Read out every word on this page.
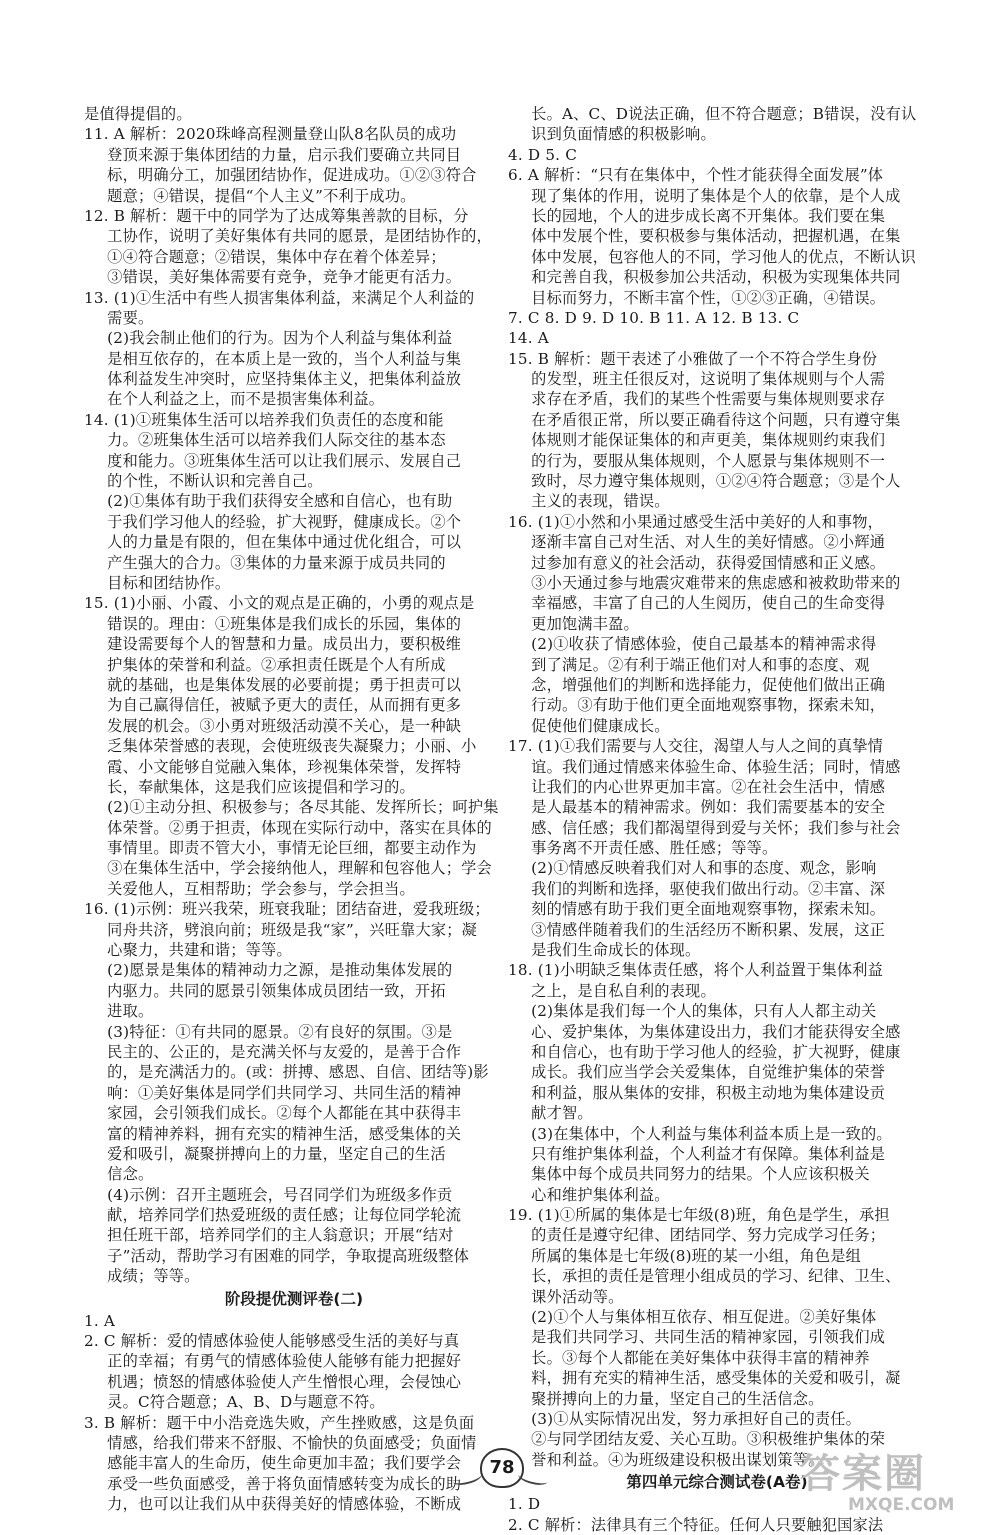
是值得提倡的。
11. A 解析：2020珠峰高程测量登山队8名队员的成功
　 登顶来源于集体团结的力量，启示我们要确立共同目
　 标，明确分工，加强团结协作，促进成功。①②③符合
　 题意；④错误，提倡“个人主义”不利于成功。
12. B 解析：题干中的同学为了达成筹集善款的目标，分
　 工协作，说明了美好集体有共同的愿景，是团结协作的，
　 ①④符合题意；②错误，集体中存在着个体差异；
　 ③错误，美好集体需要有竞争，竞争才能更有活力。
13. (1)①生活中有些人损害集体利益，来满足个人利益的
　 需要。
　 (2)我会制止他们的行为。因为个人利益与集体利益
　 是相互依存的，在本质上是一致的，当个人利益与集
　 体利益发生冲突时，应坚持集体主义，把集体利益放
　 在个人利益之上，而不是损害集体利益。
14. (1)①班集体生活可以培养我们负责任的态度和能
　 力。②班集体生活可以培养我们人际交往的基本态
　 度和能力。③班集体生活可以让我们展示、发展自己
　 的个性，不断认识和完善自己。
　 (2)①集体有助于我们获得安全感和自信心，也有助
　 于我们学习他人的经验，扩大视野，健康成长。②个
　 人的力量是有限的，但在集体中通过优化组合，可以
　 产生强大的合力。③集体的力量来源于成员共同的
　 目标和团结协作。
15. (1)小丽、小霞、小文的观点是正确的，小勇的观点是
　 错误的。理由：①班集体是我们成长的乐园，集体的
　 建设需要每个人的智慧和力量。成员出力，要积极维
　 护集体的荣誉和利益。②承担责任既是个人有所成
　 就的基础，也是集体发展的必要前提；勇于担责可以
　 为自己赢得信任，被赋予更大的责任，从而拥有更多
　 发展的机会。③小勇对班级活动漠不关心，是一种缺
　 乏集体荣誉感的表现，会使班级丧失凝聚力；小丽、小
　 霞、小文能够自觉融入集体，珍视集体荣誉，发挥特
　 长，奉献集体，这是我们应该提倡和学习的。
　 (2)①主动分担、积极参与；各尽其能、发挥所长；呵护集
　 体荣誉。②勇于担责，体现在实际行动中，落实在具体的
　 事情里。即责不管大小，事情无论巨细，都要主动作为
　 ③在集体生活中，学会接纳他人，理解和包容他人；学会
　 关爱他人，互相帮助；学会参与，学会担当。
16. (1)示例：班兴我荣，班衰我耻；团结奋进，爱我班级；
　 同舟共济，劈浪向前；班级是我“家”，兴旺靠大家；凝
　 心聚力，共建和谐；等等。
　 (2)愿景是集体的精神动力之源，是推动集体发展的
　 内驱力。共同的愿景引领集体成员团结一致，开拓
　 进取。
　 (3)特征：①有共同的愿景。②有良好的氛围。③是
　 民主的、公正的，是充满关怀与友爱的，是善于合作
　 的，是充满活力的。(或：拼搏、感恩、自信、团结等)影
　 响：①美好集体是同学们共同学习、共同生活的精神
　 家园，会引领我们成长。②每个人都能在其中获得丰
　 富的精神养料，拥有充实的精神生活，感受集体的关
　 爱和吸引，凝聚拼搏向上的力量，坚定自己的生活
　 信念。
　 (4)示例：召开主题班会，号召同学们为班级多作贡
　 献，培养同学们热爱班级的责任感；让每位同学轮流
　 担任班干部，培养同学们的主人翁意识；开展“结对
　 子”活动，帮助学习有困难的同学，争取提高班级整体
　 成绩；等等。
阶段提优测评卷(二)
1. A
2. C 解析：爱的情感体验使人能够感受生活的美好与真
　 正的幸福；有勇气的情感体验使人能够有能力把握好
　 机遇；愤怒的情感体验使人产生憎恨心理，会侵蚀心
　 灵。C符合题意；A、B、D与题意不符。
3. B 解析：题干中小浩竞选失败，产生挫败感，这是负面
　 情感，给我们带来不舒服、不愉快的负面感受；负面情
　 感能丰富人的生命历，使生命更加丰盈；我们要学会
　 承受一些负面感受，善于将负面情感转变为成长的助
　 力，也可以让我们从中获得美好的情感体验，不断成
　 长。A、C、D说法正确，但不符合题意；B错误，没有认
　 识到负面情感的积极影响。
4. D 5. C
6. A 解析：“只有在集体中，个性才能获得全面发展”体
　 现了集体的作用，说明了集体是个人的依靠，是个人成
　 长的园地，个人的进步成长离不开集体。我们要在集
　 体中发展个性，要积极参与集体活动，把握机遇，在集
　 体中发展，包容他人的不同，学习他人的优点，不断认识
　 和完善自我，积极参加公共活动，积极为实现集体共同
　 目标而努力，不断丰富个性，①②③正确，④错误。
7. C 8. D 9. D 10. B 11. A 12. B 13. C
14. A
15. B 解析：题干表述了小雅做了一个不符合学生身份
　 的发型，班主任很反对，这说明了集体规则与个人需
　 求存在矛盾，我们的某些个性需要与集体规则要求存
　 在矛盾很正常，所以要正确看待这个问题，只有遵守集
　 体规则才能保证集体的和声更美，集体规则约束我们
　 的行为，要服从集体规则，个人愿景与集体规则不一
　 致时，尽力遵守集体规则，①②④符合题意；③是个人
　 主义的表现，错误。
16. (1)①小然和小果通过感受生活中美好的人和事物，
　 逐渐丰富自己对生活、对人生的美好情感。②小辉通
　 过参加有意义的社会活动，获得爱国情感和正义感。
　 ③小天通过参与地震灾难带来的焦虑感和被救助带来的
　 幸福感，丰富了自己的人生阅历，使自己的生命变得
　 更加饱满丰盈。
　 (2)①收获了情感体验，使自己最基本的精神需求得
　 到了满足。②有利于端正他们对人和事的态度、观
　 念，增强他们的判断和选择能力，促使他们做出正确
　 行动。③有助于他们更全面地观察事物，探索未知，
　 促使他们健康成长。
17. (1)①我们需要与人交往，渴望人与人之间的真挚情
　 谊。我们通过情感来体验生命、体验生活；同时，情感
　 让我们的内心世界更加丰富。②在社会生活中，情感
　 是人最基本的精神需求。例如：我们需要基本的安全
　 感、信任感；我们都渴望得到爱与关怀；我们参与社会
　 事务离不开责任感、胜任感；等等。
　 (2)①情感反映着我们对人和事的态度、观念，影响
　 我们的判断和选择，驱使我们做出行动。②丰富、深
　 刻的情感有助于我们更全面地观察事物，探索未知。
　 ③情感伴随着我们的生活经历不断积累、发展，这正
　 是我们生命成长的体现。
18. (1)小明缺乏集体责任感，将个人利益置于集体利益
　 之上，是自私自利的表现。
　 (2)集体是我们每一个人的集体，只有人人都主动关
　 心、爱护集体，为集体建设出力，我们才能获得安全感
　 和自信心，也有助于学习他人的经验，扩大视野，健康
　 成长。我们应当学会关爱集体，自觉维护集体的荣誉
　 和利益，服从集体的安排，积极主动地为集体建设贡
　 献才智。
　 (3)在集体中，个人利益与集体利益本质上是一致的。
　 只有维护集体利益，个人利益才有保障。集体利益是
　 集体中每个成员共同努力的结果。个人应该积极关
　 心和维护集体利益。
19. (1)①所属的集体是七年级(8)班，角色是学生，承担
　 的责任是遵守纪律、团结同学、努力完成学习任务；
　 所属的集体是七年级(8)班的某一小组，角色是组
　 长，承担的责任是管理小组成员的学习、纪律、卫生、
　 课外活动等。
　 (2)①个人与集体相互依存、相互促进。②美好集体
　 是我们共同学习、共同生活的精神家园，引领我们成
　 长。③每个人都能在美好集体中获得丰富的精神养
　 料，拥有充实的精神生活，感受集体的关爱和吸引，凝
　 聚拼搏向上的力量，坚定自己的生活信念。
　 (3)①从实际情况出发，努力承担好自己的责任。
　 ②与同学团结友爱、关心互助。③积极维护集体的荣
　 誉和利益。④为班级建设积极出谋划策等。
第四单元综合测试卷(A卷)
1. D
2. C 解析：法律具有三个特征。任何人只要触犯国家法
78	答案圈
MXQE.COM
